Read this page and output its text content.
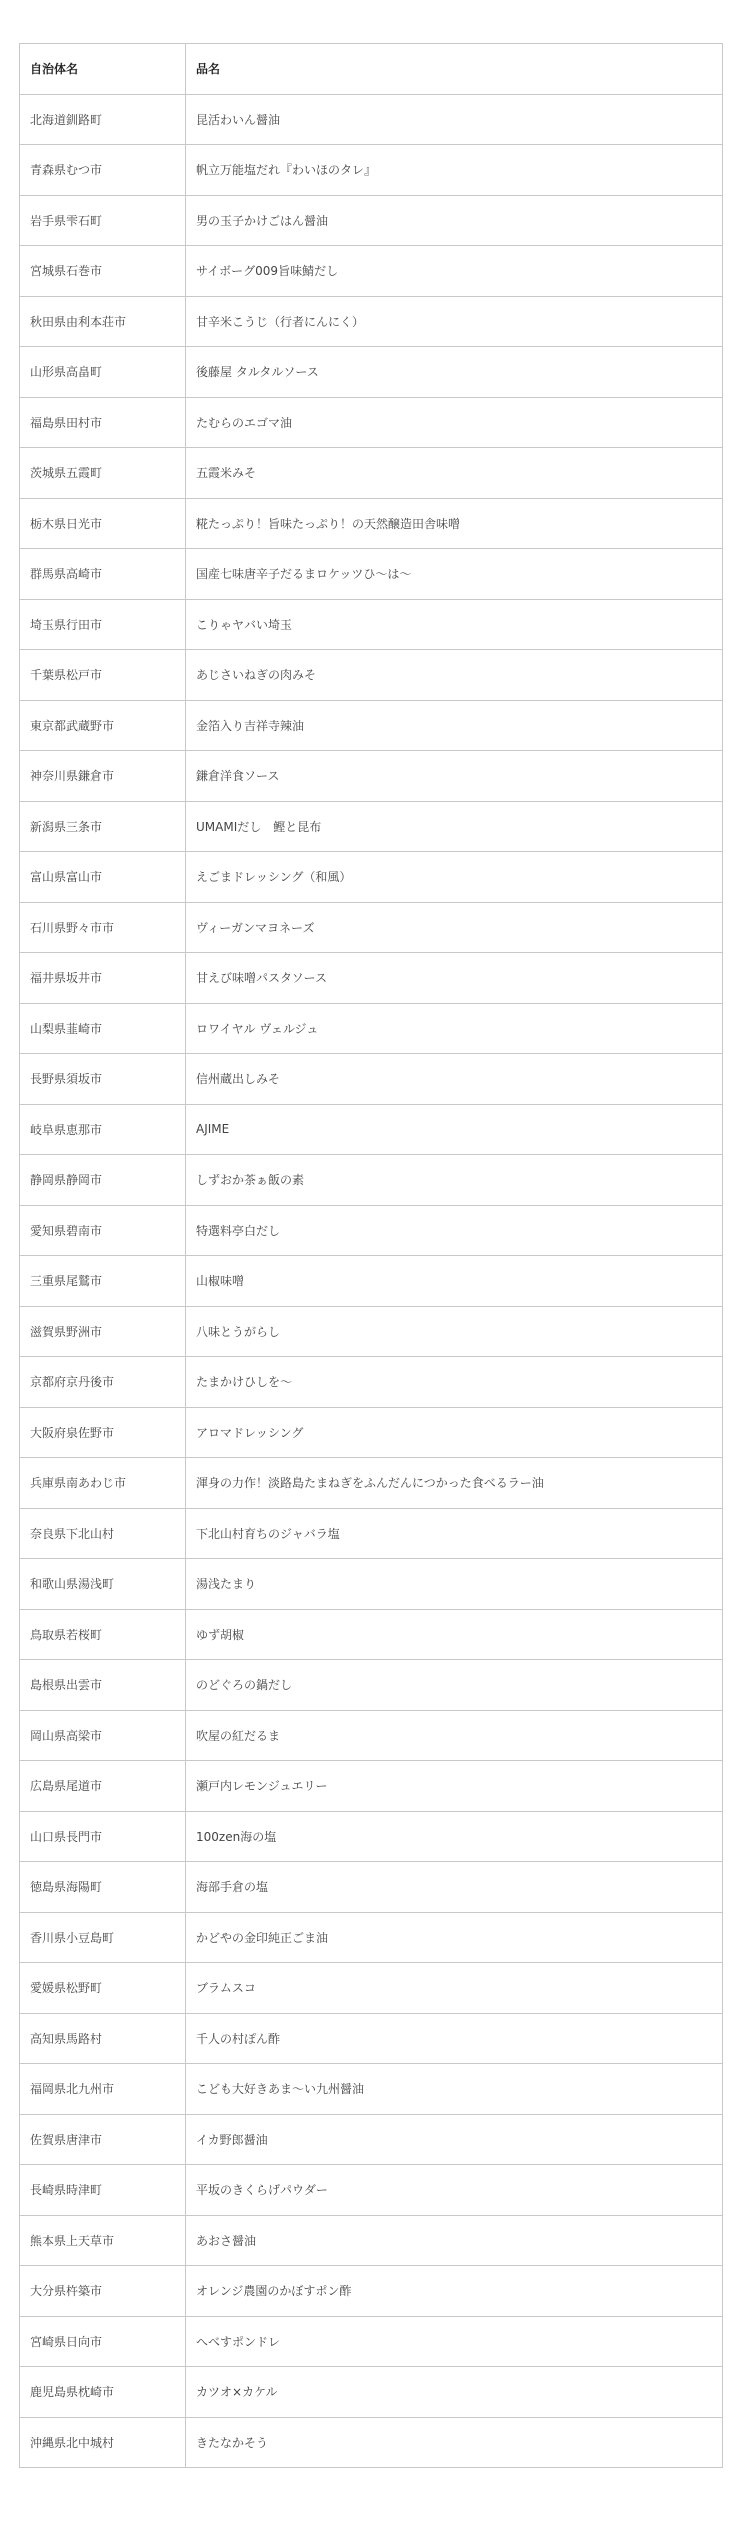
自治体名	品名
北海道釧路町	昆活わいん醤油
青森県むつ市	帆立万能塩だれ『わいほのタレ』
岩手県雫石町	男の玉子かけごはん醤油
宮城県石巻市	サイボーグ009旨味鯖だし
秋田県由利本荘市	甘辛米こうじ（行者にんにく）
山形県高畠町	後藤屋 タルタルソース
福島県田村市	たむらのエゴマ油
茨城県五霞町	五霞米みそ
栃木県日光市	糀たっぷり！旨味たっぷり！の天然醸造田舎味噌
群馬県高崎市	国産七味唐辛子だるまロケッツひ〜は〜
埼玉県行田市	こりゃヤバい埼玉
千葉県松戸市	あじさいねぎの肉みそ
東京都武蔵野市	金箔入り吉祥寺辣油
神奈川県鎌倉市	鎌倉洋食ソース
新潟県三条市	UMAMIだし　鰹と昆布
富山県富山市	えごまドレッシング（和風）
石川県野々市市	ヴィーガンマヨネーズ
福井県坂井市	甘えび味噌パスタソース
山梨県韮崎市	ロワイヤル ヴェルジュ
長野県須坂市	信州蔵出しみそ
岐阜県恵那市	AJIME
静岡県静岡市	しずおか茶ぁ飯の素
愛知県碧南市	特選料亭白だし
三重県尾鷲市	山椒味噌
滋賀県野洲市	八味とうがらし
京都府京丹後市	たまかけひしを〜
大阪府泉佐野市	アロマドレッシング
兵庫県南あわじ市	渾身の力作！淡路島たまねぎをふんだんにつかった食べるラー油
奈良県下北山村	下北山村育ちのジャバラ塩
和歌山県湯浅町	湯浅たまり
鳥取県若桜町	ゆず胡椒
島根県出雲市	のどぐろの鍋だし
岡山県高梁市	吹屋の紅だるま
広島県尾道市	瀬戸内レモンジュエリー
山口県長門市	100zen海の塩
徳島県海陽町	海部手倉の塩
香川県小豆島町	かどやの金印純正ごま油
愛媛県松野町	ブラムスコ
高知県馬路村	千人の村ぽん酢
福岡県北九州市	こども大好きあま〜い九州醤油
佐賀県唐津市	イカ野郎醤油
長崎県時津町	平坂のきくらげパウダー
熊本県上天草市	あおさ醤油
大分県杵築市	オレンジ農園のかぼすポン酢
宮崎県日向市	へべすポンドレ
鹿児島県枕崎市	カツオ×カケル
沖縄県北中城村	きたなかそう
